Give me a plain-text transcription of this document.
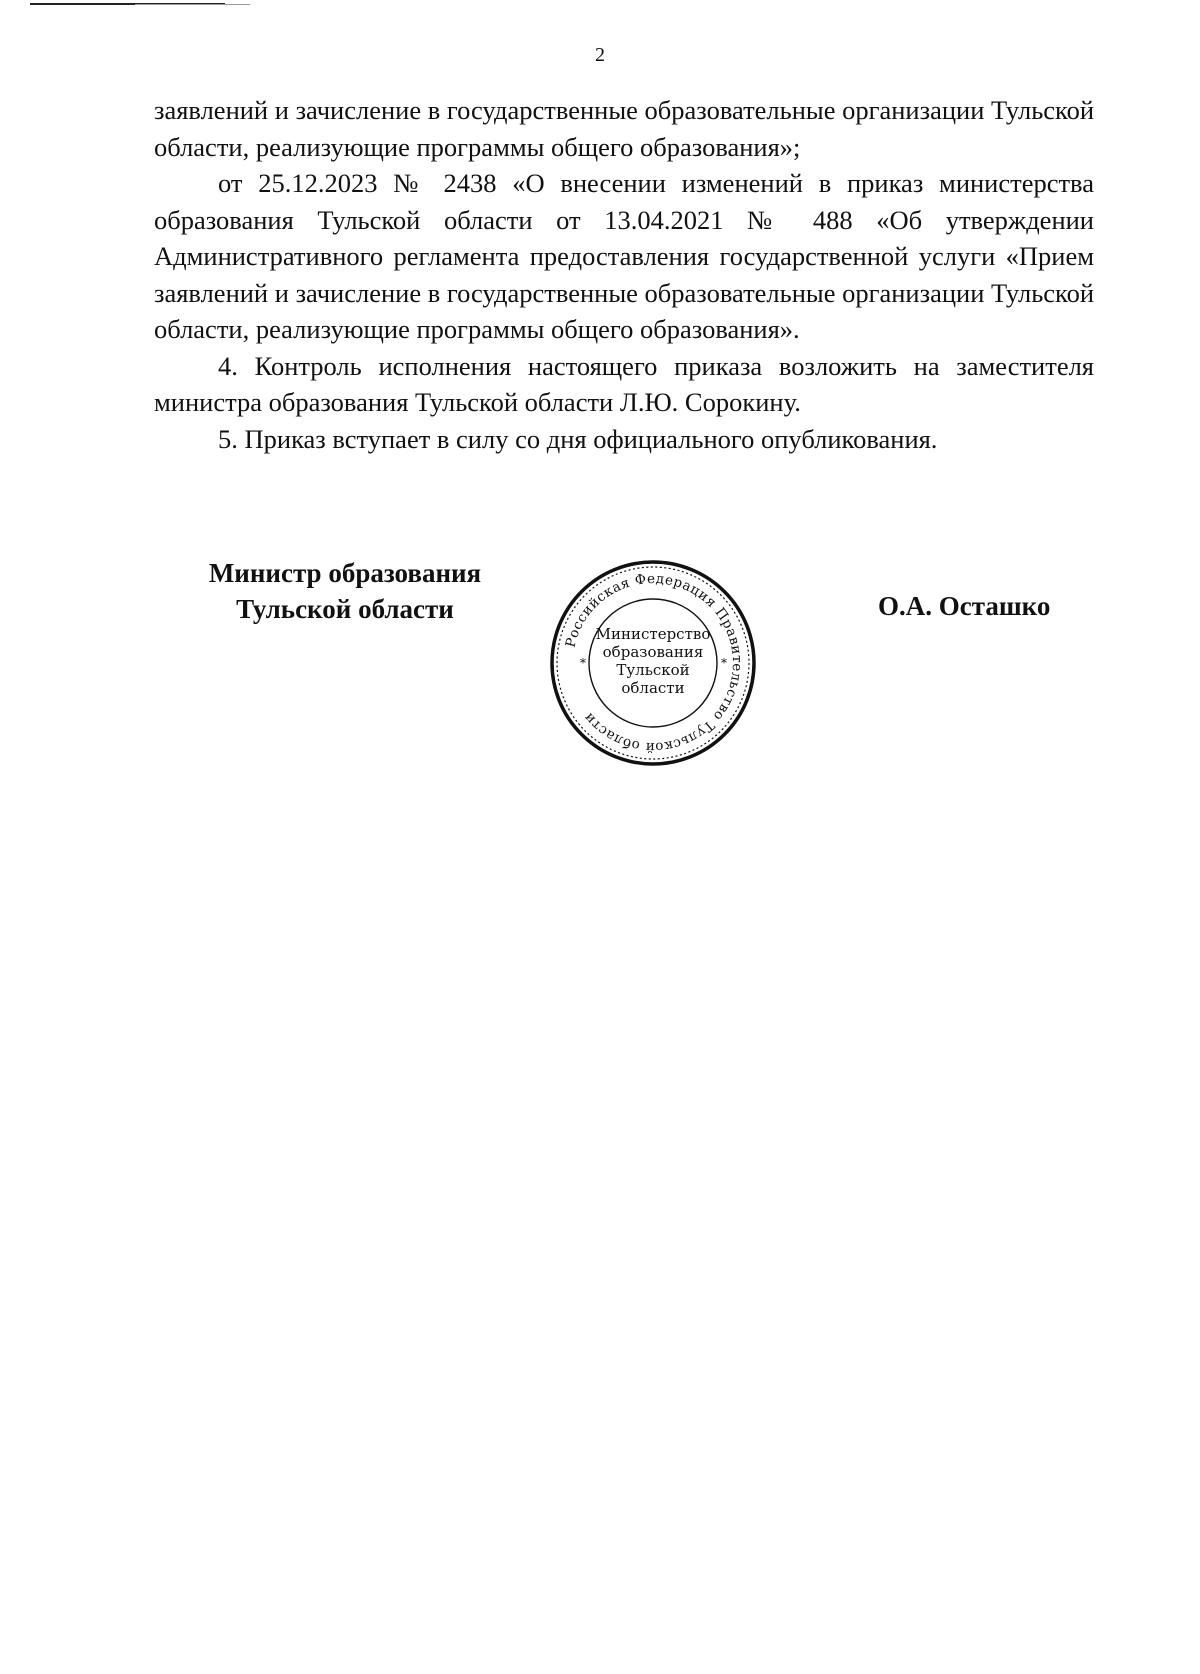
2

заявлений и зачисление в государственные образовательные организации Тульской области, реализующие программы общего образования»;

от 25.12.2023 № 2438 «О внесении изменений в приказ министерства образования Тульской области от 13.04.2021 № 488 «Об утверждении Административного регламента предоставления государственной услуги «Прием заявлений и зачисление в государственные образовательные организации Тульской области, реализующие программы общего образования».

4. Контроль исполнения настоящего приказа возложить на заместителя министра образования Тульской области Л.Ю. Сорокину.

5. Приказ вступает в силу со дня официального опубликования.

Министр образования
Тульской области
Российская Федерация Правительство Тульской области
*	*
Министерство
образования
Тульской
области
О.А. Осташко
